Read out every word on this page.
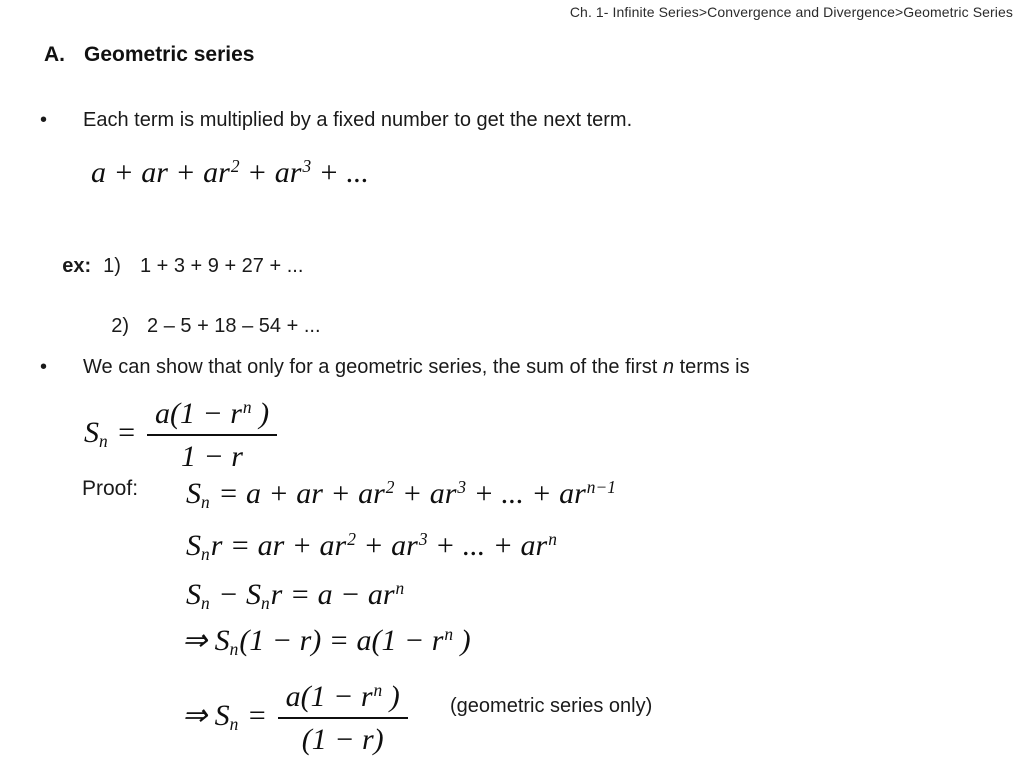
Ch. 1- Infinite Series>Convergence and Divergence>Geometric Series
A. Geometric series
• Each term is multiplied by a fixed number to get the next term.
a + ar + $ar^2 + ar^3$ + ...

ex: 1) 1 + 3 + 9 + 27 + ...

2) 2 – 5 + 18 – 54 + ...

• We can show that only for a geometric series, the sum of the first n terms is
$S_n = \frac{a(1 - r^n )}{1 - r}$
Proof: $S_n = a$ + ar + $ar^2 + ar^3$ + ... + $ar^{n-1}$
$S_nr$ = ar + $ar^2 + ar^3$ + ... + $ar^n$
$S_n - S_nr = a - ar^n$
⇒ $S_n(1 - r) = a(1 - r^n$ )
⇒ $S_n = \frac{a(1 - r^n )}{(1 - r)}$ (geometric series only)
